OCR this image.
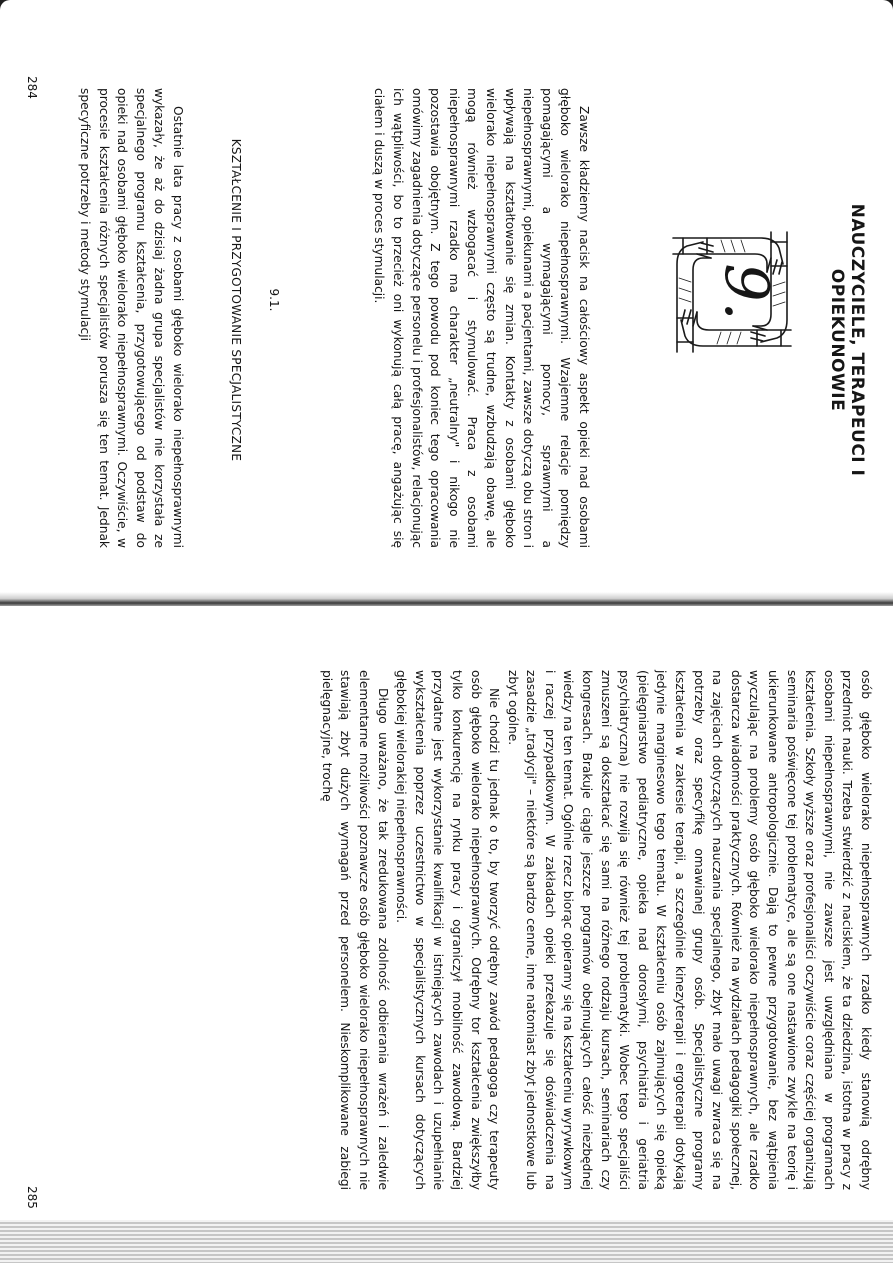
NAUCZYCIELE, TERAPEUCI I OPIEKUNOWIE
9.

Zawsze kładziemy nacisk na całościowy aspekt opieki nad osobami głęboko wielorako niepełnosprawnymi. Wzajemne relacje pomiędzy pomagającymi a wymagającymi pomocy, sprawnymi a niepełnosprawnymi, opiekunami a pacjentami, zawsze dotyczą obu stron i wpływają na kształtowanie się zmian. Kontakty z osobami głęboko wielorako niepełnosprawnymi często są trudne, wzbudzają obawę, ale mogą również wzbogacać i stymulować. Praca z osobami niepełnosprawnymi rzadko ma charakter „neutralny" i nikogo nie pozostawia obojętnym. Z tego powodu pod koniec tego opracowania omówimy zagadnienia dotyczące personelu i profesjonalistów, relacjonując ich wątpliwości, bo to przecież oni wykonują całą pracę, angażując się ciałem i duszą w proces stymulacji.

9.1.

KSZTAŁCENIE I PRZYGOTOWANIE SPECJALISTYCZNE

Ostatnie lata pracy z osobami głęboko wielorako niepełnosprawnymi wykazały, że aż do dzisiaj żadna grupa specjalistów nie korzystała ze specjalnego programu kształcenia, przygotowującego od podstaw do opieki nad osobami głęboko wielorako niepełnosprawnymi. Oczywiście, w procesie kształcenia różnych specjalistów porusza się ten temat. Jednak specyficzne potrzeby i metody stymulacji

284

osób głęboko wielorako niepełnosprawnych rzadko kiedy stanowią odrębny przedmiot nauki. Trzeba stwierdzić z naciskiem, że ta dziedzina, istotna w pracy z osobami niepełnosprawnymi, nie zawsze jest uwzględniana w programach kształcenia. Szkoły wyższe oraz profesjonaliści oczywiście coraz częściej organizują seminaria poświęcone tej problematyce, ale są one nastawione zwykle na teorię i ukierunkowane antropologicznie. Dają to pewne przygotowanie, bez wątpienia wyczulając na problemy osób głęboko wielorako niepełnosprawnych, ale rzadko dostarcza wiadomości praktycznych. Również na wydziałach pedagogiki społecznej, na zajęciach dotyczących nauczania specjalnego, zbyt mało uwagi zwraca się na potrzeby oraz specyfikę omawianej grupy osób. Specjalistyczne programy kształcenia w zakresie terapii, a szczególnie kinezyterapii i ergoterapii dotykają jedynie marginesowo tego tematu. W kształceniu osób zajmujących się opieką (pielęgniarstwo pediatryczne, opieka nad dorosłymi, psychiatria i geriatria psychiatryczna) nie rozwija się również tej problematyki. Wobec tego specjaliści zmuszeni są dokształcać się sami na różnego rodzaju kursach, seminariach czy kongresach. Brakuje ciągle jeszcze programów obejmujących całość niezbędnej wiedzy na ten temat. Ogólnie rzecz biorąc opieramy się na kształceniu wyrywkowym i raczej przypadkowym. W zakładach opieki przekazuje się doświadczenia na zasadzie „tradycji" – niektóre są bardzo cenne, inne natomiast zbyt jednostkowe lub zbyt ogólne.

Nie chodzi tu jednak o to, by tworzyć odrębny zawód pedagoga czy terapeuty osób głęboko wielorako niepełnosprawnych. Odrębny tor kształcenia zwiększyłby tylko konkurencję na rynku pracy i ograniczył mobilność zawodową. Bardziej przydatne jest wykorzystanie kwalifikacji w istniejących zawodach i uzupełnianie wykształcenia poprzez uczestnictwo w specjalistycznych kursach dotyczących głębokiej wielorakiej niepełnosprawności.

Długo uważano, że tak zredukowana zdolność odbierania wrażeń i zaledwie elementarne możliwości poznawcze osób głęboko wielorako niepełnosprawnych nie stawiają zbyt dużych wymagań przed personelem. Nieskomplikowane zabiegi pielęgnacyjne, trochę

285
